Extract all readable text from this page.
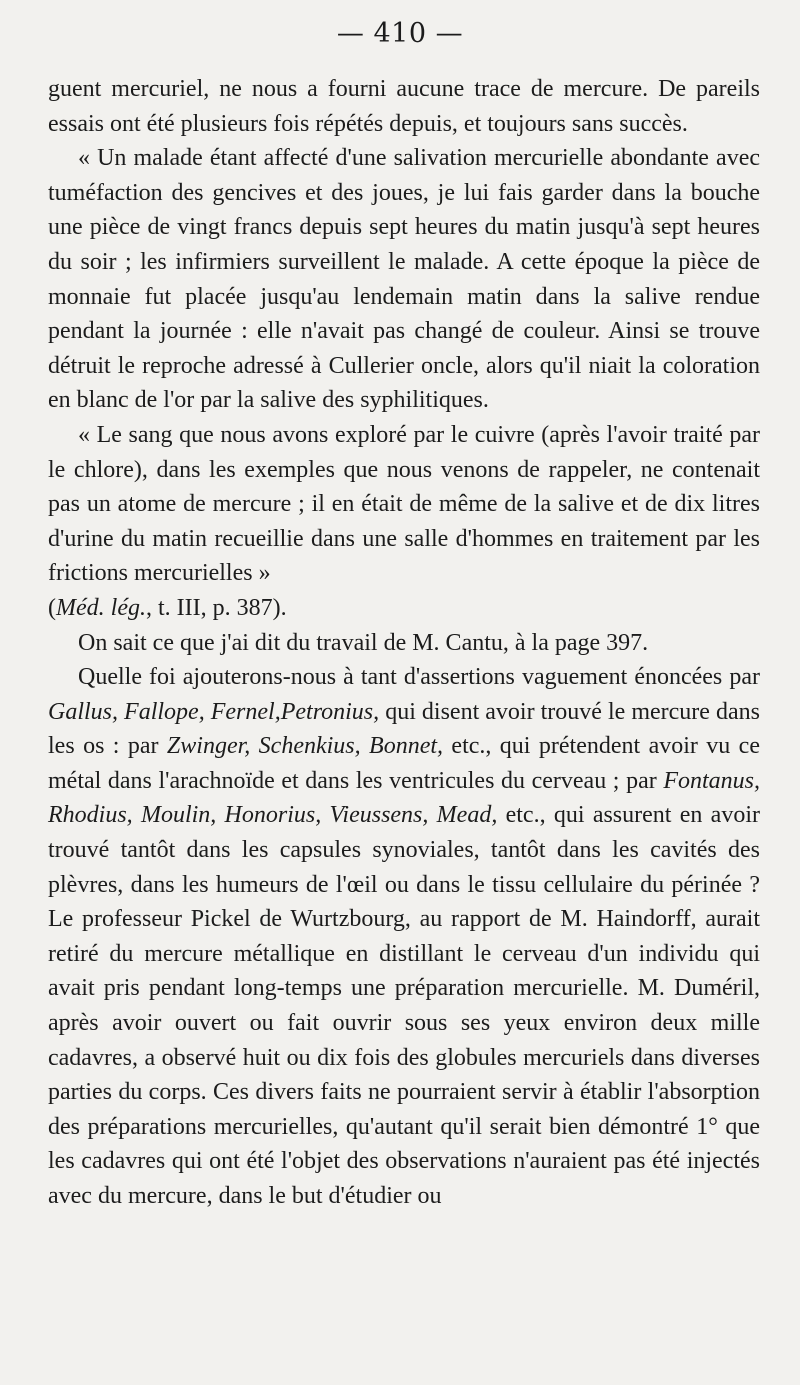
— 410 —

guent mercuriel, ne nous a fourni aucune trace de mercure. De pareils essais ont été plusieurs fois répétés depuis, et toujours sans succès.

« Un malade étant affecté d'une salivation mercurielle abondante avec tuméfaction des gencives et des joues, je lui fais garder dans la bouche une pièce de vingt francs depuis sept heures du matin jusqu'à sept heures du soir ; les infirmiers surveillent le malade. A cette époque la pièce de monnaie fut placée jusqu'au lendemain matin dans la salive rendue pendant la journée : elle n'avait pas changé de couleur. Ainsi se trouve détruit le reproche adressé à Cullerier oncle, alors qu'il niait la coloration en blanc de l'or par la salive des syphilitiques.

« Le sang que nous avons exploré par le cuivre (après l'avoir traité par le chlore), dans les exemples que nous venons de rappeler, ne contenait pas un atome de mercure ; il en était de même de la salive et de dix litres d'urine du matin recueillie dans une salle d'hommes en traitement par les frictions mercurielles »

(Méd. lég., t. III, p. 387).

On sait ce que j'ai dit du travail de M. Cantu, à la page 397.

Quelle foi ajouterons-nous à tant d'assertions vaguement énoncées par Gallus, Fallope, Fernel,Petronius, qui disent avoir trouvé le mercure dans les os : par Zwinger, Schenkius, Bonnet, etc., qui prétendent avoir vu ce métal dans l'arachnoïde et dans les ventricules du cerveau ; par Fontanus, Rhodius, Moulin, Honorius, Vieussens, Mead, etc., qui assurent en avoir trouvé tantôt dans les capsules synoviales, tantôt dans les cavités des plèvres, dans les humeurs de l'œil ou dans le tissu cellulaire du périnée ? Le professeur Pickel de Wurtzbourg, au rapport de M. Haindorff, aurait retiré du mercure métallique en distillant le cerveau d'un individu qui avait pris pendant long-temps une préparation mercurielle. M. Duméril, après avoir ouvert ou fait ouvrir sous ses yeux environ deux mille cadavres, a observé huit ou dix fois des globules mercuriels dans diverses parties du corps. Ces divers faits ne pourraient servir à établir l'absorption des préparations mercurielles, qu'autant qu'il serait bien démontré 1° que les cadavres qui ont été l'objet des observations n'auraient pas été injectés avec du mercure, dans le but d'étudier ou
